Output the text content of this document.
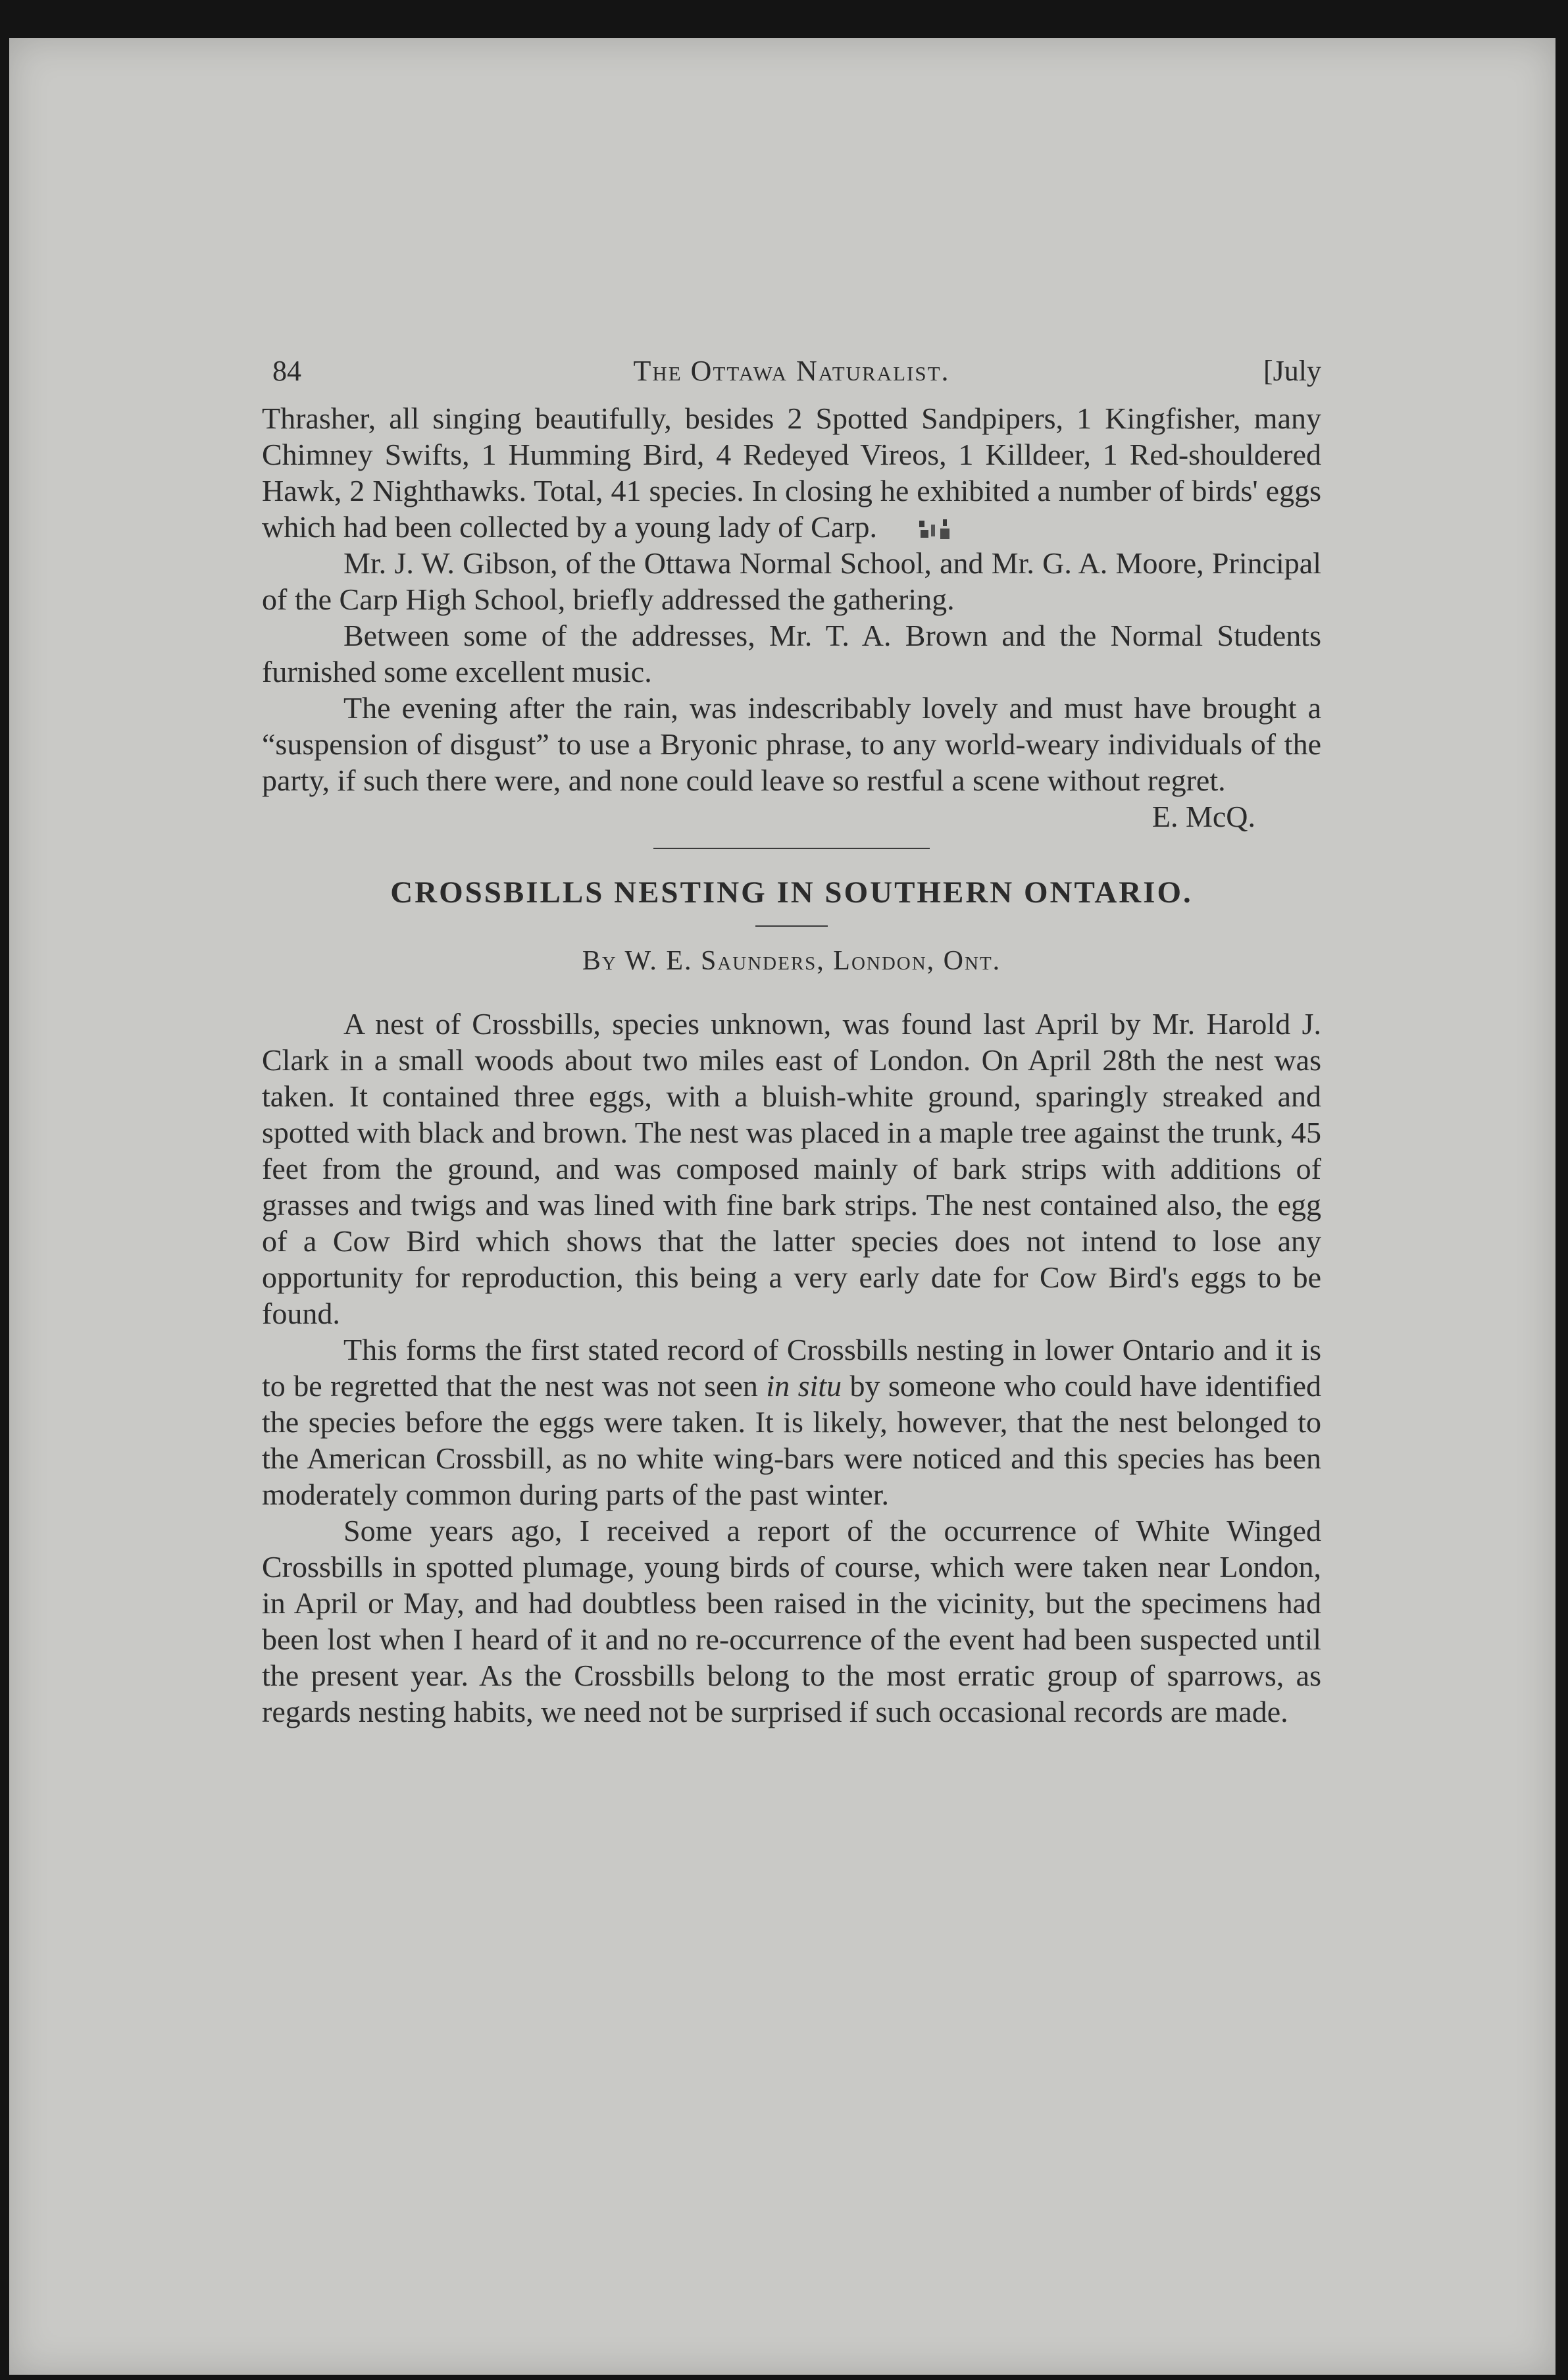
84	The Ottawa Naturalist.	[July

Thrasher, all singing beautifully, besides 2 Spotted Sandpipers, 1 Kingfisher, many Chimney Swifts, 1 Humming Bird, 4 Redeyed Vireos, 1 Killdeer, 1 Red-shouldered Hawk, 2 Nighthawks. Total, 41 species. In closing he exhibited a number of birds' eggs which had been collected by a young lady of Carp.

Mr. J. W. Gibson, of the Ottawa Normal School, and Mr. G. A. Moore, Principal of the Carp High School, briefly addressed the gathering.

Between some of the addresses, Mr. T. A. Brown and the Normal Students furnished some excellent music.

The evening after the rain, was indescribably lovely and must have brought a “suspension of disgust” to use a Bryonic phrase, to any world-weary individuals of the party, if such there were, and none could leave so restful a scene without regret.

E. McQ.
CROSSBILLS NESTING IN SOUTHERN ONTARIO.
By W. E. Saunders, London, Ont.

A nest of Crossbills, species unknown, was found last April by Mr. Harold J. Clark in a small woods about two miles east of London. On April 28th the nest was taken. It contained three eggs, with a bluish-white ground, sparingly streaked and spotted with black and brown. The nest was placed in a maple tree against the trunk, 45 feet from the ground, and was composed mainly of bark strips with additions of grasses and twigs and was lined with fine bark strips. The nest contained also, the egg of a Cow Bird which shows that the latter species does not intend to lose any opportunity for reproduction, this being a very early date for Cow Bird's eggs to be found.

This forms the first stated record of Crossbills nesting in lower Ontario and it is to be regretted that the nest was not seen in situ by someone who could have identified the species before the eggs were taken. It is likely, however, that the nest belonged to the American Crossbill, as no white wing-bars were noticed and this species has been moderately common during parts of the past winter.

Some years ago, I received a report of the occurrence of White Winged Crossbills in spotted plumage, young birds of course, which were taken near London, in April or May, and had doubtless been raised in the vicinity, but the specimens had been lost when I heard of it and no re-occurrence of the event had been suspected until the present year. As the Crossbills belong to the most erratic group of sparrows, as regards nesting habits, we need not be surprised if such occasional records are made.
